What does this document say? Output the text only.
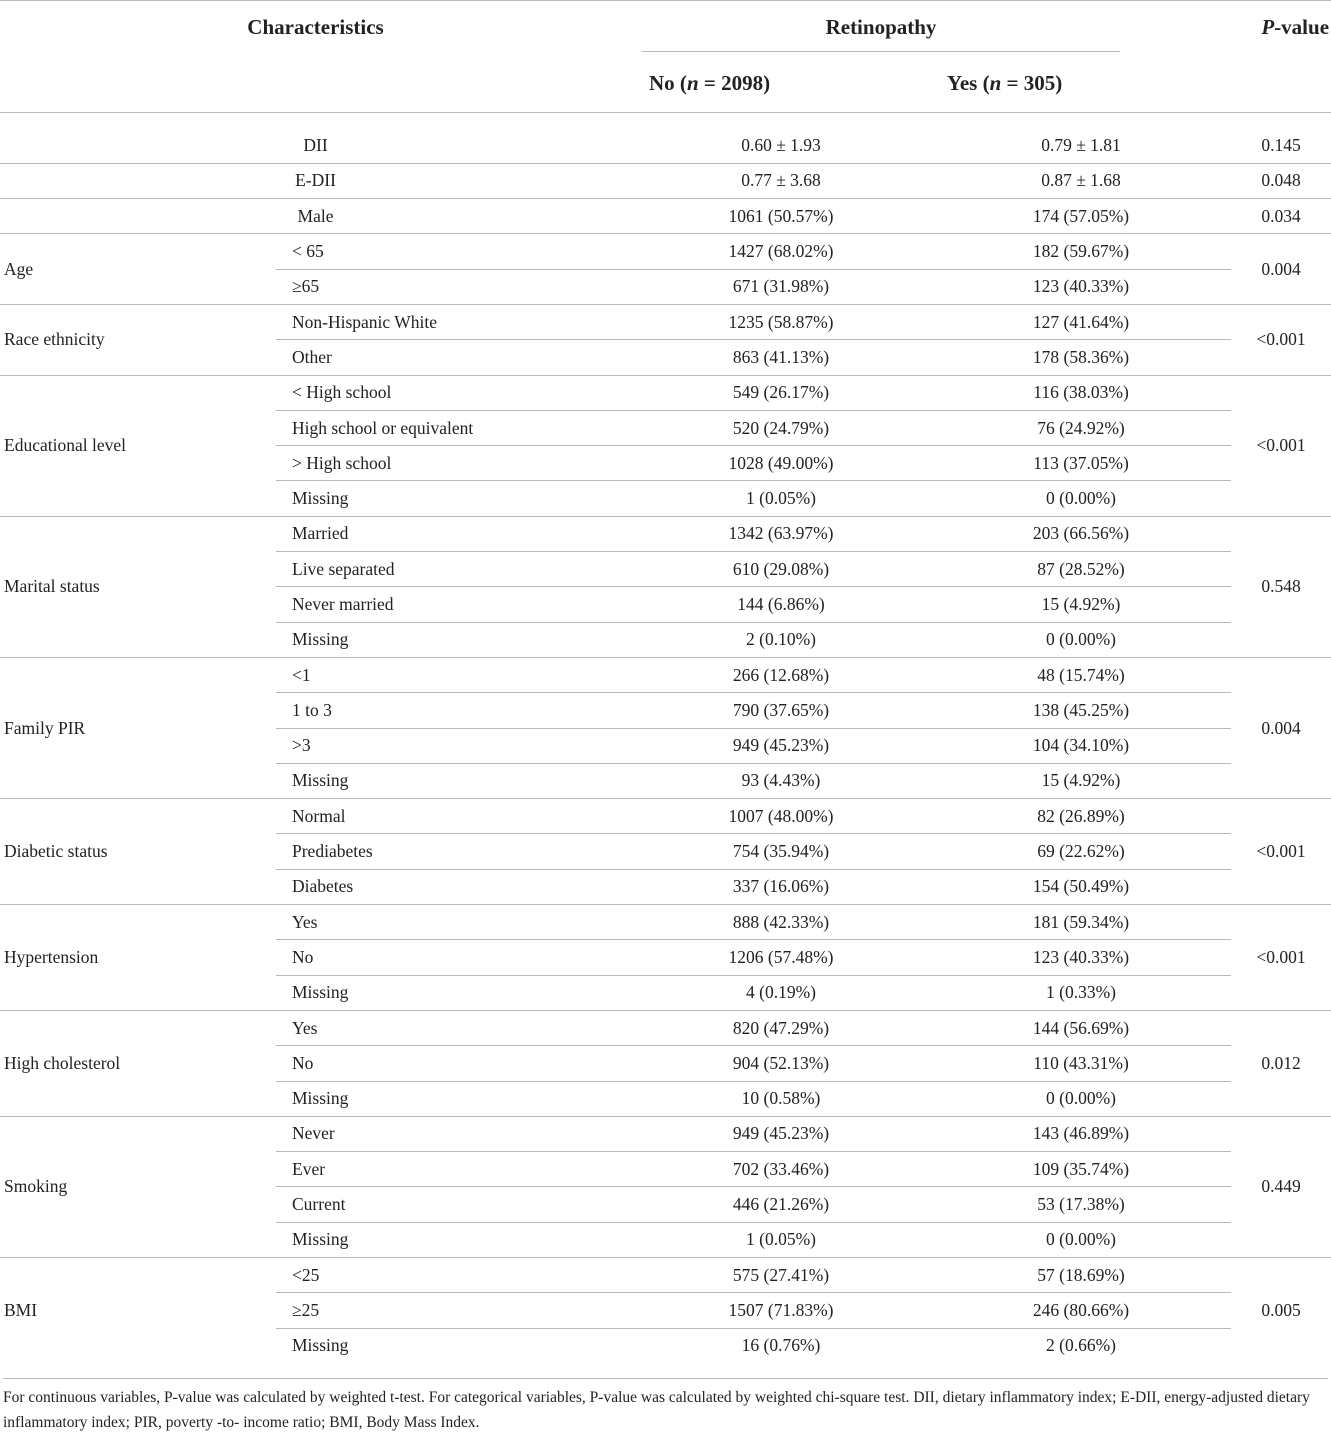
Characteristics		Retinopathy		P-value
		No (n = 2098)	Yes (n = 305)	

DII		0.60 ± 1.93	0.79 ± 1.81	0.145
E-DII		0.77 ± 3.68	0.87 ± 1.68	0.048
Male		1061 (50.57%)	174 (57.05%)	0.034
Age	< 65	1427 (68.02%)	182 (59.67%)	0.004
	≥65	671 (31.98%)	123 (40.33%)	
Race ethnicity	Non-Hispanic White	1235 (58.87%)	127 (41.64%)	<0.001
	Other	863 (41.13%)	178 (58.36%)	
Educational level	< High school	549 (26.17%)	116 (38.03%)	<0.001
	High school or equivalent	520 (24.79%)	76 (24.92%)	
	> High school	1028 (49.00%)	113 (37.05%)	
	Missing	1 (0.05%)	0 (0.00%)	
Marital status	Married	1342 (63.97%)	203 (66.56%)	0.548
	Live separated	610 (29.08%)	87 (28.52%)	
	Never married	144 (6.86%)	15 (4.92%)	
	Missing	2 (0.10%)	0 (0.00%)	
Family PIR	<1	266 (12.68%)	48 (15.74%)	0.004
	1 to 3	790 (37.65%)	138 (45.25%)	
	>3	949 (45.23%)	104 (34.10%)	
	Missing	93 (4.43%)	15 (4.92%)	
Diabetic status	Normal	1007 (48.00%)	82 (26.89%)	<0.001
	Prediabetes	754 (35.94%)	69 (22.62%)	
	Diabetes	337 (16.06%)	154 (50.49%)	
Hypertension	Yes	888 (42.33%)	181 (59.34%)	<0.001
	No	1206 (57.48%)	123 (40.33%)	
	Missing	4 (0.19%)	1 (0.33%)	
High cholesterol	Yes	820 (47.29%)	144 (56.69%)	0.012
	No	904 (52.13%)	110 (43.31%)	
	Missing	10 (0.58%)	0 (0.00%)	
Smoking	Never	949 (45.23%)	143 (46.89%)	0.449
	Ever	702 (33.46%)	109 (35.74%)	
	Current	446 (21.26%)	53 (17.38%)	
	Missing	1 (0.05%)	0 (0.00%)	
BMI	<25	575 (27.41%)	57 (18.69%)	0.005
	≥25	1507 (71.83%)	246 (80.66%)	
	Missing	16 (0.76%)	2 (0.66%)	
For continuous variables, P-value was calculated by weighted t-test. For categorical variables, P-value was calculated by weighted chi-square test. DII, dietary inflammatory index; E-DII, energy-adjusted dietary inflammatory index; PIR, poverty -to- income ratio; BMI, Body Mass Index.
